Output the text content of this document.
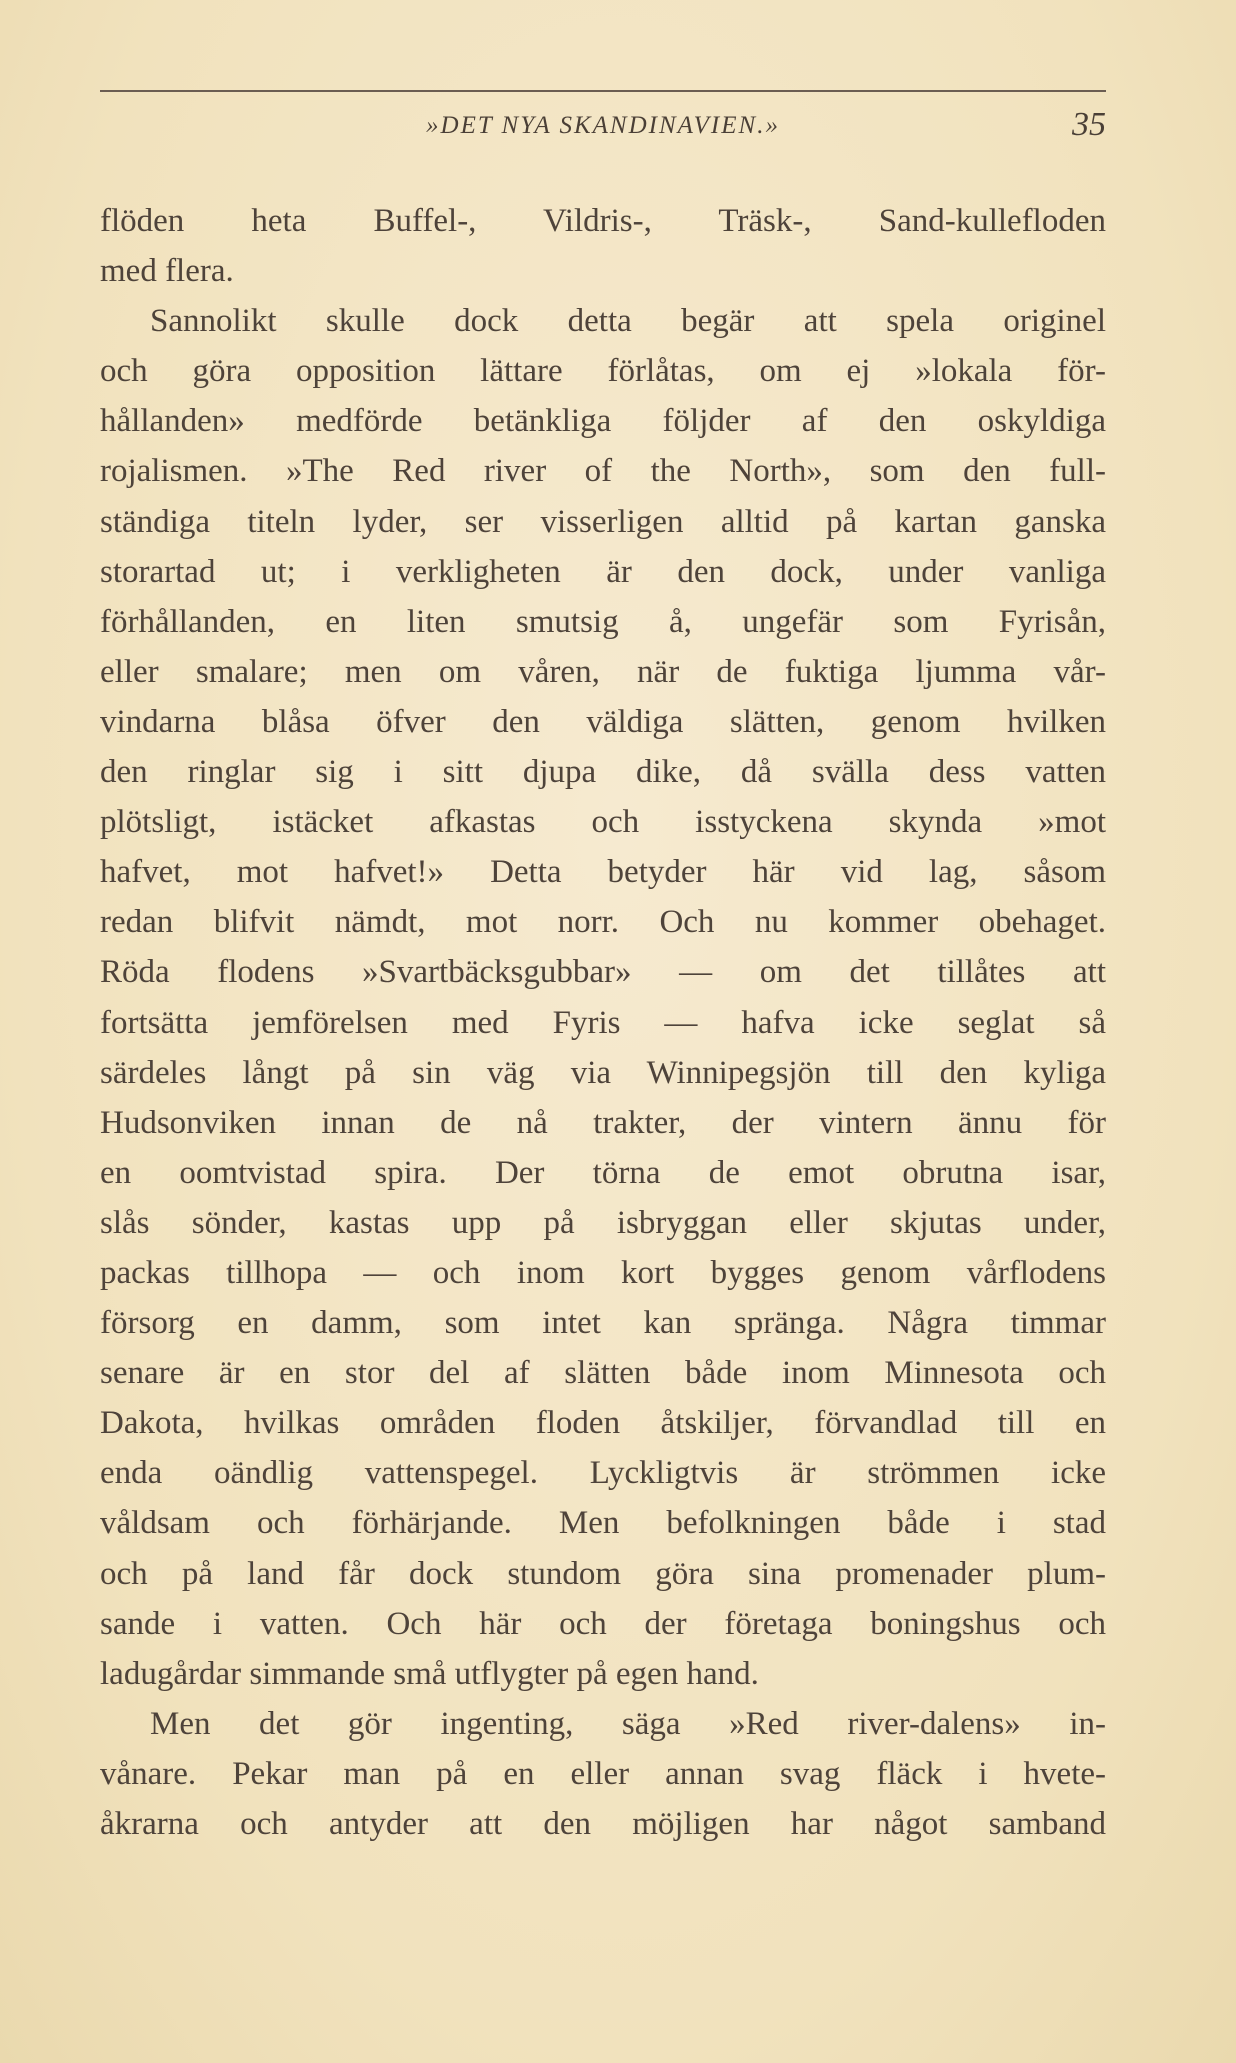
»DET NYA SKANDINAVIEN.»	35
flöden heta Buffel-, Vildris-, Träsk-, Sand-kullefloden
med flera.
Sannolikt skulle dock detta begär att spela originel
och göra opposition lättare förlåtas, om ej »lokala för-
hållanden» medförde betänkliga följder af den oskyldiga
rojalismen. »The Red river of the North», som den full-
ständiga titeln lyder, ser visserligen alltid på kartan ganska
storartad ut; i verkligheten är den dock, under vanliga
förhållanden, en liten smutsig å, ungefär som Fyrisån,
eller smalare; men om våren, när de fuktiga ljumma vår-
vindarna blåsa öfver den väldiga slätten, genom hvilken
den ringlar sig i sitt djupa dike, då svälla dess vatten
plötsligt, istäcket afkastas och isstyckena skynda »mot
hafvet, mot hafvet!» Detta betyder här vid lag, såsom
redan blifvit nämdt, mot norr. Och nu kommer obehaget.
Röda flodens »Svartbäcksgubbar» — om det tillåtes att
fortsätta jemförelsen med Fyris — hafva icke seglat så
särdeles långt på sin väg via Winnipegsjön till den kyliga
Hudsonviken innan de nå trakter, der vintern ännu för
en oomtvistad spira. Der törna de emot obrutna isar,
slås sönder, kastas upp på isbryggan eller skjutas under,
packas tillhopa — och inom kort bygges genom vårflodens
försorg en damm, som intet kan spränga. Några timmar
senare är en stor del af slätten både inom Minnesota och
Dakota, hvilkas områden floden åtskiljer, förvandlad till en
enda oändlig vattenspegel. Lyckligtvis är strömmen icke
våldsam och förhärjande. Men befolkningen både i stad
och på land får dock stundom göra sina promenader plum-
sande i vatten. Och här och der företaga boningshus och
ladugårdar simmande små utflygter på egen hand.
Men det gör ingenting, säga »Red river-dalens» in-
vånare. Pekar man på en eller annan svag fläck i hvete-
åkrarna och antyder att den möjligen har något samband
